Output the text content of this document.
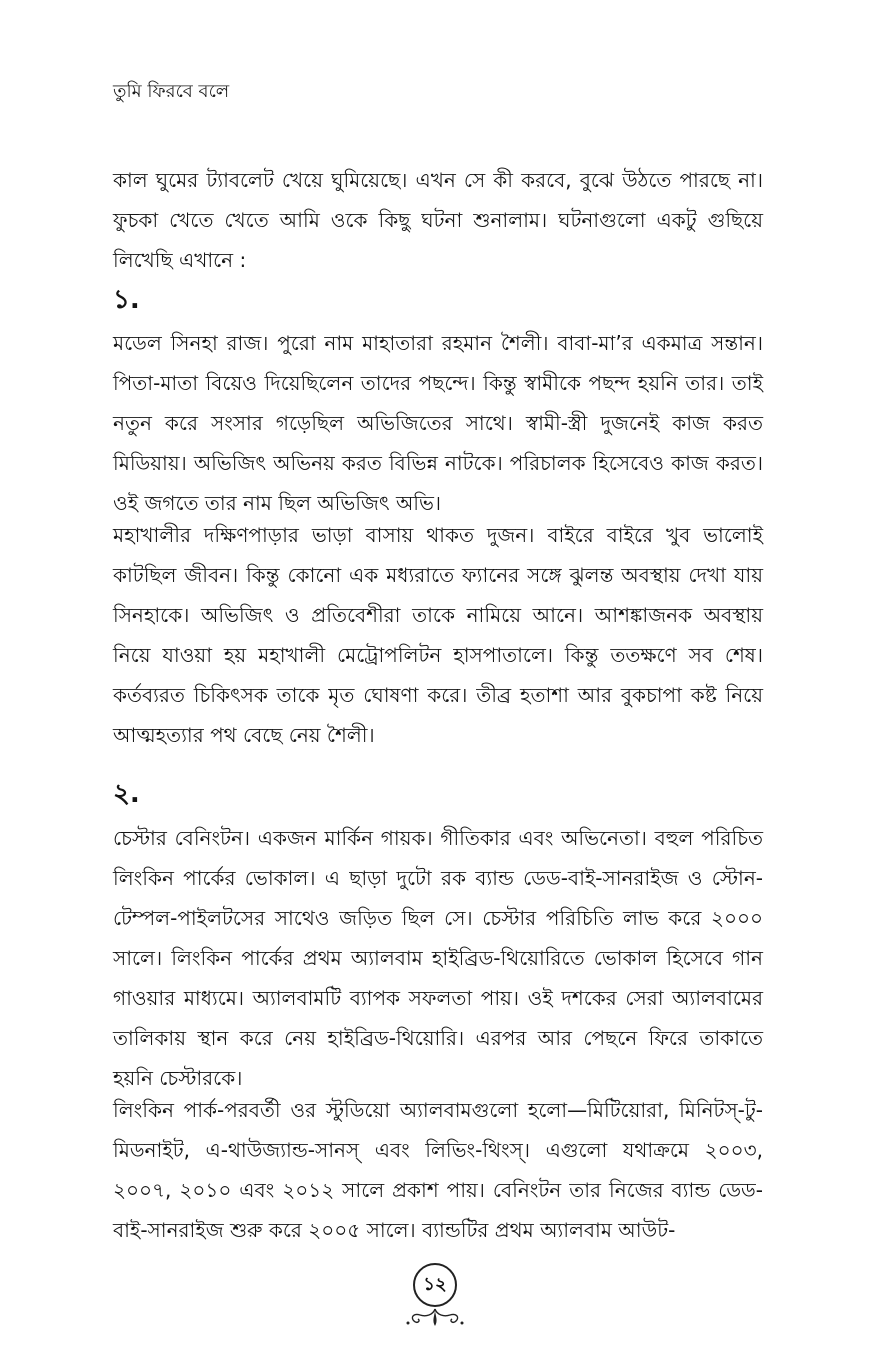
তুমি ফিরবে বলে

কাল ঘুমের ট্যাবলেট খেয়ে ঘুমিয়েছে। এখন সে কী করবে, বুঝে উঠতে পারছে না। ফুচকা খেতে খেতে আমি ওকে কিছু ঘটনা শুনালাম। ঘটনাগুলো একটু গুছিয়ে লিখেছি এখানে :

১.

মডেল সিনহা রাজ। পুরো নাম মাহাতারা রহমান শৈলী। বাবা-মা’র একমাত্র সন্তান। পিতা-মাতা বিয়েও দিয়েছিলেন তাদের পছন্দে। কিন্তু স্বামীকে পছন্দ হয়নি তার। তাই নতুন করে সংসার গড়েছিল অভিজিতের সাথে। স্বামী-স্ত্রী দুজনেই কাজ করত মিডিয়ায়। অভিজিৎ অভিনয় করত বিভিন্ন নাটকে। পরিচালক হিসেবেও কাজ করত। ওই জগতে তার নাম ছিল অভিজিৎ অভি।

মহাখালীর দক্ষিণপাড়ার ভাড়া বাসায় থাকত দুজন। বাইরে বাইরে খুব ভালোই কাটছিল জীবন। কিন্তু কোনো এক মধ্যরাতে ফ্যানের সঙ্গে ঝুলন্ত অবস্থায় দেখা যায় সিনহাকে। অভিজিৎ ও প্রতিবেশীরা তাকে নামিয়ে আনে। আশঙ্কাজনক অবস্থায় নিয়ে যাওয়া হয় মহাখালী মেট্রোপলিটন হাসপাতালে। কিন্তু ততক্ষণে সব শেষ। কর্তব্যরত চিকিৎসক তাকে মৃত ঘোষণা করে। তীব্র হতাশা আর বুকচাপা কষ্ট নিয়ে আত্মহত্যার পথ বেছে নেয় শৈলী।

২.

চেস্টার বেনিংটন। একজন মার্কিন গায়ক। গীতিকার এবং অভিনেতা। বহুল পরিচিত লিংকিন পার্কের ভোকাল। এ ছাড়া দুটো রক ব্যান্ড ডেড-বাই-সানরাইজ ও স্টোন-টেম্পল-পাইলটসের সাথেও জড়িত ছিল সে। চেস্টার পরিচিতি লাভ করে ২০০০ সালে। লিংকিন পার্কের প্রথম অ্যালবাম হাইব্রিড-থিয়োরিতে ভোকাল হিসেবে গান গাওয়ার মাধ্যমে। অ্যালবামটি ব্যাপক সফলতা পায়। ওই দশকের সেরা অ্যালবামের তালিকায় স্থান করে নেয় হাইব্রিড-থিয়োরি। এরপর আর পেছনে ফিরে তাকাতে হয়নি চেস্টারকে।

লিংকিন পার্ক-পরবর্তী ওর স্টুডিয়ো অ্যালবামগুলো হলো—মিটিয়োরা, মিনিটস্-টু-মিডনাইট, এ-থাউজ্যান্ড-সানস্ এবং লিভিং-থিংস্। এগুলো যথাক্রমে ২০০৩, ২০০৭, ২০১০ এবং ২০১২ সালে প্রকাশ পায়। বেনিংটন তার নিজের ব্যান্ড ডেড-বাই-সানরাইজ শুরু করে ২০০৫ সালে। ব্যান্ডটির প্রথম অ্যালবাম আউট-

১২
